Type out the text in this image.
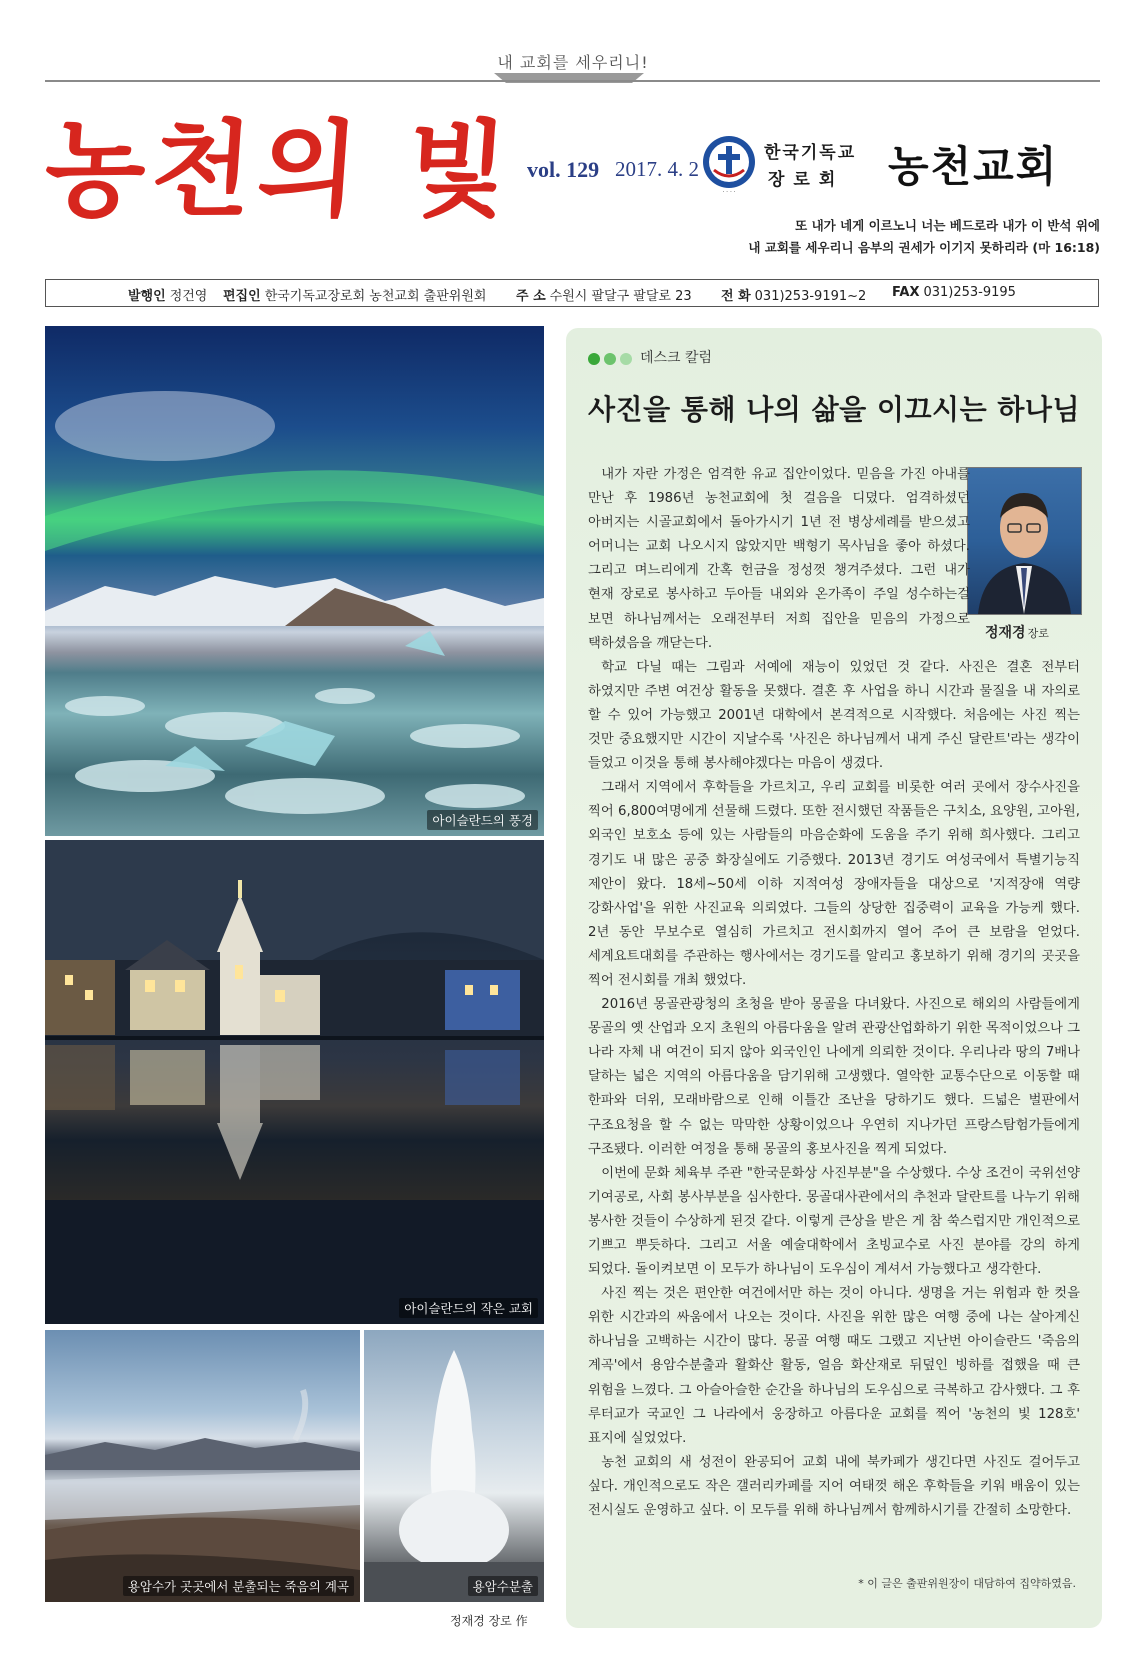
내 교회를 세우리니!
농천의 빛 vol. 129 2017. 4. 2
· · · ·
한국기독교
장로회 농천교회
또 내가 네게 이르노니 너는 베드로라 내가 이 반석 위에
내 교회를 세우리니 음부의 권세가 이기지 못하리라 (마 16:18)
발행인 정건영 편집인 한국기독교장로회 농천교회 출판위원회 주 소 수원시 팔달구 팔달로 23 전 화 031)253-9191~2 FAX 031)253-9195
아이슬란드의 풍경
아이슬란드의 작은 교회
용암수가 곳곳에서 분출되는 죽음의 계곡	용암수분출
정재경 장로 作
데스크 칼럼
사진을 통해 나의 삶을 이끄시는 하나님
정재경 장로

내가 자란 가정은 엄격한 유교 집안이었다. 믿음을 가진 아내를 만난 후 1986년 농천교회에 첫 걸음을 디뎠다. 엄격하셨던 아버지는 시골교회에서 돌아가시기 1년 전 병상세례를 받으셨고 어머니는 교회 나오시지 않았지만 백형기 목사님을 좋아 하셨다. 그리고 며느리에게 간혹 헌금을 정성껏 챙겨주셨다. 그런 내가 현재 장로로 봉사하고 두아들 내외와 온가족이 주일 성수하는걸 보면 하나님께서는 오래전부터 저희 집안을 믿음의 가정으로 택하셨음을 깨닫는다.

학교 다닐 때는 그림과 서예에 재능이 있었던 것 같다. 사진은 결혼 전부터 하였지만 주변 여건상 활동을 못했다. 결혼 후 사업을 하니 시간과 물질을 내 자의로 할 수 있어 가능했고 2001년 대학에서 본격적으로 시작했다. 처음에는 사진 찍는 것만 중요했지만 시간이 지날수록 '사진은 하나님께서 내게 주신 달란트'라는 생각이 들었고 이것을 통해 봉사해야겠다는 마음이 생겼다.

그래서 지역에서 후학들을 가르치고, 우리 교회를 비롯한 여러 곳에서 장수사진을 찍어 6,800여명에게 선물해 드렸다. 또한 전시했던 작품들은 구치소, 요양원, 고아원, 외국인 보호소 등에 있는 사람들의 마음순화에 도움을 주기 위해 희사했다. 그리고 경기도 내 많은 공중 화장실에도 기증했다. 2013년 경기도 여성국에서 특별기능직 제안이 왔다. 18세~50세 이하 지적여성 장애자들을 대상으로 '지적장애 역량 강화사업'을 위한 사진교육 의뢰였다. 그들의 상당한 집중력이 교육을 가능케 했다. 2년 동안 무보수로 열심히 가르치고 전시회까지 열어 주어 큰 보람을 얻었다. 세계요트대회를 주관하는 행사에서는 경기도를 알리고 홍보하기 위해 경기의 곳곳을 찍어 전시회를 개최 했었다.

2016년 몽골관광청의 초청을 받아 몽골을 다녀왔다. 사진으로 해외의 사람들에게 몽골의 옛 산업과 오지 초원의 아름다움을 알려 관광산업화하기 위한 목적이었으나 그 나라 자체 내 여건이 되지 않아 외국인인 나에게 의뢰한 것이다. 우리나라 땅의 7배나 달하는 넓은 지역의 아름다움을 담기위해 고생했다. 열악한 교통수단으로 이동할 때 한파와 더위, 모래바람으로 인해 이틀간 조난을 당하기도 했다. 드넓은 벌판에서 구조요청을 할 수 없는 막막한 상황이었으나 우연히 지나가던 프랑스탐험가들에게 구조됐다. 이러한 여정을 통해 몽골의 홍보사진을 찍게 되었다.

이번에 문화 체육부 주관 "한국문화상 사진부분"을 수상했다. 수상 조건이 국위선양 기여공로, 사회 봉사부분을 심사한다. 몽골대사관에서의 추천과 달란트를 나누기 위해 봉사한 것들이 수상하게 된것 같다. 이렇게 큰상을 받은 게 참 쑥스럽지만 개인적으로 기쁘고 뿌듯하다. 그리고 서울 예술대학에서 초빙교수로 사진 분야를 강의 하게 되었다. 돌이켜보면 이 모두가 하나님이 도우심이 계셔서 가능했다고 생각한다.

사진 찍는 것은 편안한 여건에서만 하는 것이 아니다. 생명을 거는 위험과 한 컷을 위한 시간과의 싸움에서 나오는 것이다. 사진을 위한 많은 여행 중에 나는 살아계신 하나님을 고백하는 시간이 많다. 몽골 여행 때도 그랬고 지난번 아이슬란드 '죽음의 계곡'에서 용암수분출과 활화산 활동, 얼음 화산재로 뒤덮인 빙하를 접했을 때 큰 위험을 느꼈다. 그 아슬아슬한 순간을 하나님의 도우심으로 극복하고 감사했다. 그 후 루터교가 국교인 그 나라에서 웅장하고 아름다운 교회를 찍어 '농천의 빛 128호' 표지에 실었었다.

농천 교회의 새 성전이 완공되어 교회 내에 북카페가 생긴다면 사진도 걸어두고 싶다. 개인적으로도 작은 갤러리카페를 지어 여태껏 해온 후학들을 키워 배움이 있는 전시실도 운영하고 싶다. 이 모두를 위해 하나님께서 함께하시기를 간절히 소망한다.

* 이 글은 출판위원장이 대담하여 집약하였음.
